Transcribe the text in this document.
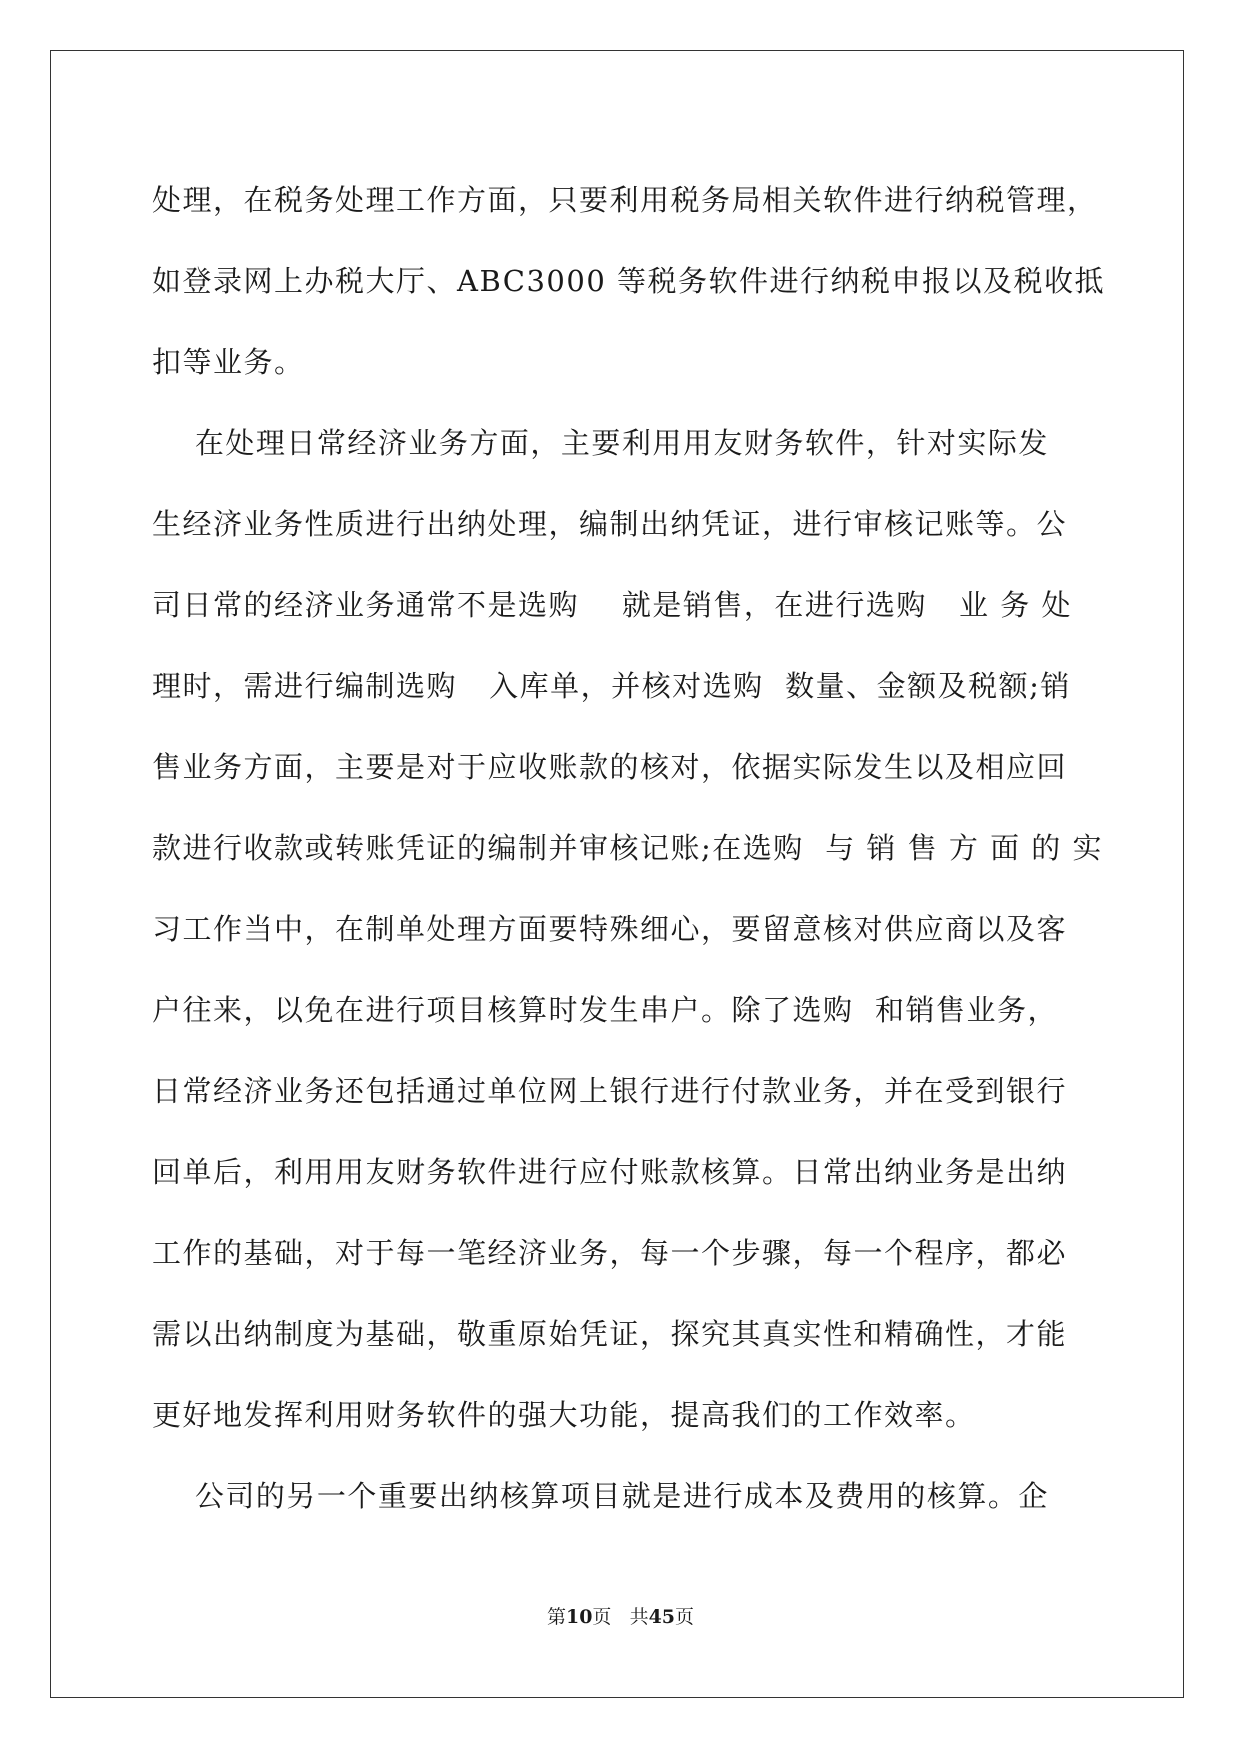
处理，在税务处理工作方面，只要利用税务局相关软件进行纳税管理，
如登录网上办税大厅、ABC3000 等税务软件进行纳税申报以及税收抵
扣等业务。
在处理日常经济业务方面，主要利用用友财务软件，针对实际发
生经济业务性质进行出纳处理，编制出纳凭证，进行审核记账等。公
司日常的经济业务通常不是选购    就是销售，在进行选购   业 务 处
理时，需进行编制选购   入库单，并核对选购  数量、金额及税额;销
售业务方面，主要是对于应收账款的核对，依据实际发生以及相应回
款进行收款或转账凭证的编制并审核记账;在选购  与 销 售 方 面 的 实
习工作当中，在制单处理方面要特殊细心，要留意核对供应商以及客
户往来，以免在进行项目核算时发生串户。除了选购  和销售业务，
日常经济业务还包括通过单位网上银行进行付款业务，并在受到银行
回单后，利用用友财务软件进行应付账款核算。日常出纳业务是出纳
工作的基础，对于每一笔经济业务，每一个步骤，每一个程序，都必
需以出纳制度为基础，敬重原始凭证，探究其真实性和精确性，才能
更好地发挥利用财务软件的强大功能，提高我们的工作效率。
公司的另一个重要出纳核算项目就是进行成本及费用的核算。企
第10页 共45页
